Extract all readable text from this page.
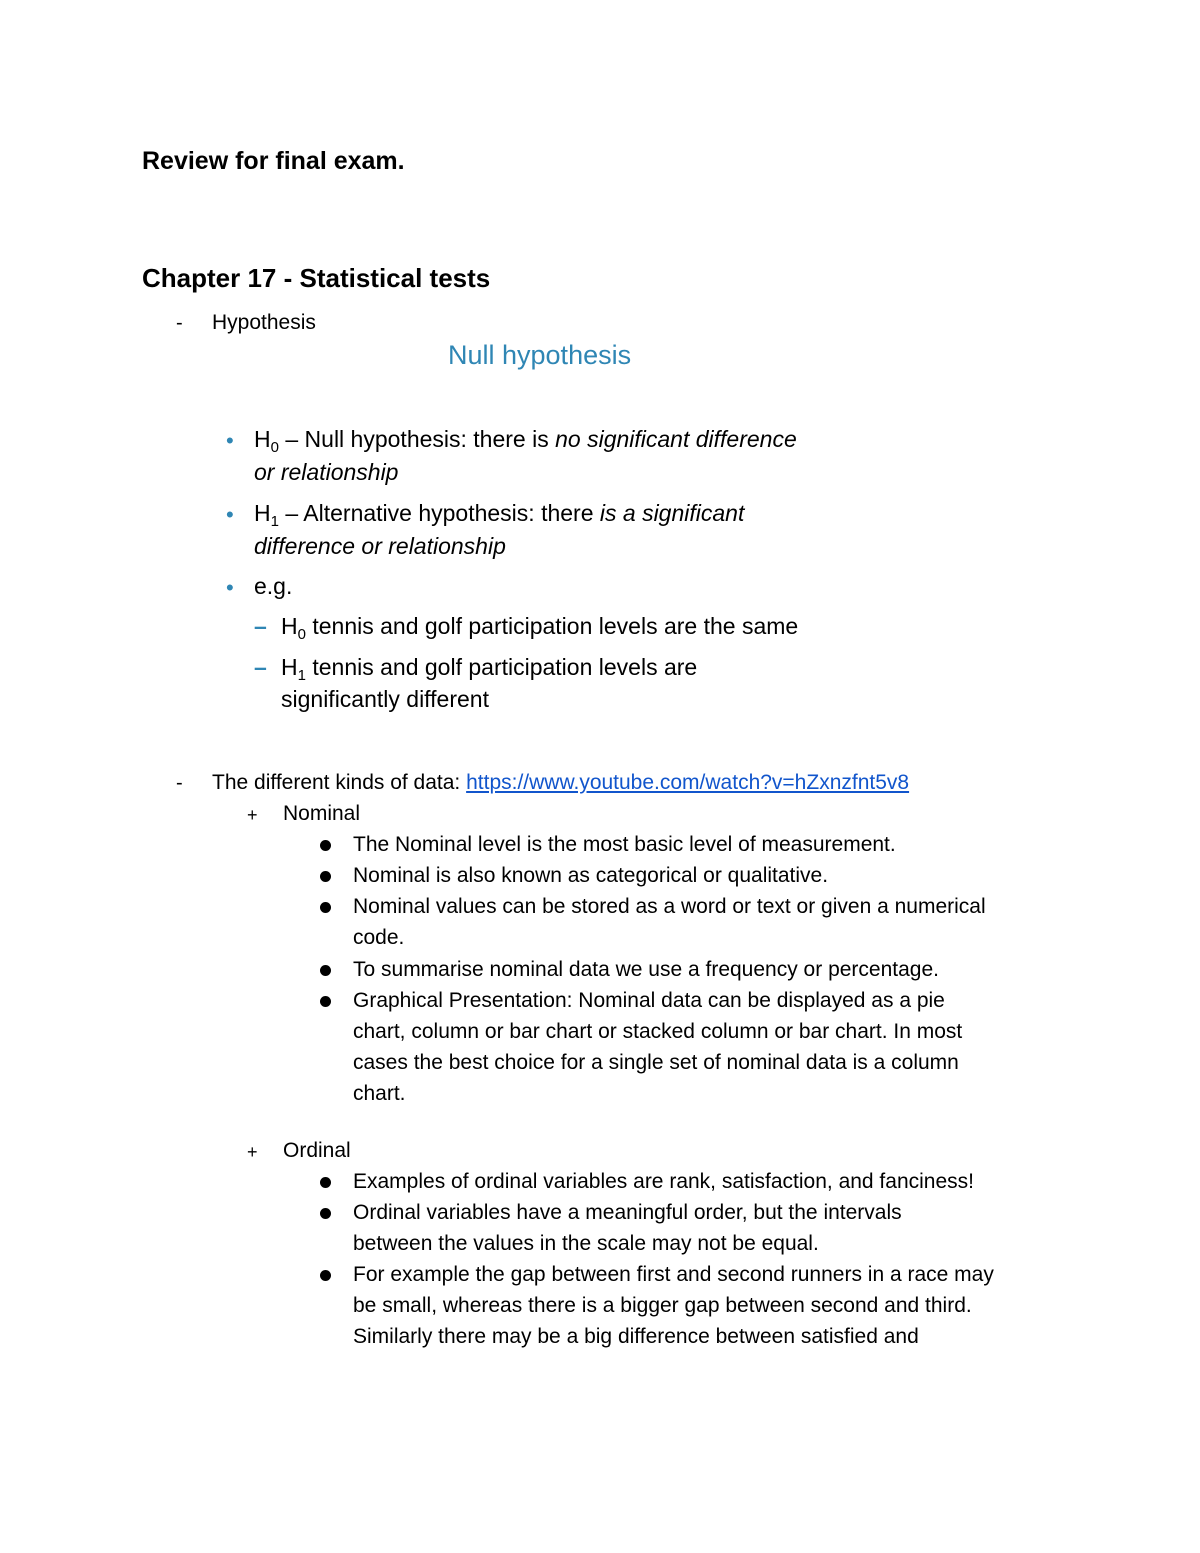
Review for final exam.
Chapter 17 - Statistical tests
- Hypothesis
Null hypothesis
• $H_0$ – Null hypothesis: there is no significant difference
or relationship
• $H_1$ – Alternative hypothesis: there is a significant
difference or relationship
• e.g.
– $H_0$ tennis and golf participation levels are the same
– $H_1$ tennis and golf participation levels are
significantly different
- The different kinds of data: https://www.youtube.com/watch?v=hZxnzfnt5v8
+ Nominal
The Nominal level is the most basic level of measurement.
Nominal is also known as categorical or qualitative.
Nominal values can be stored as a word or text or given a numerical
code.
To summarise nominal data we use a frequency or percentage.
Graphical Presentation: Nominal data can be displayed as a pie
chart, column or bar chart or stacked column or bar chart. In most
cases the best choice for a single set of nominal data is a column
chart.
+ Ordinal
Examples of ordinal variables are rank, satisfaction, and fanciness!
Ordinal variables have a meaningful order, but the intervals
between the values in the scale may not be equal.
For example the gap between first and second runners in a race may
be small, whereas there is a bigger gap between second and third.
Similarly there may be a big difference between satisfied and
